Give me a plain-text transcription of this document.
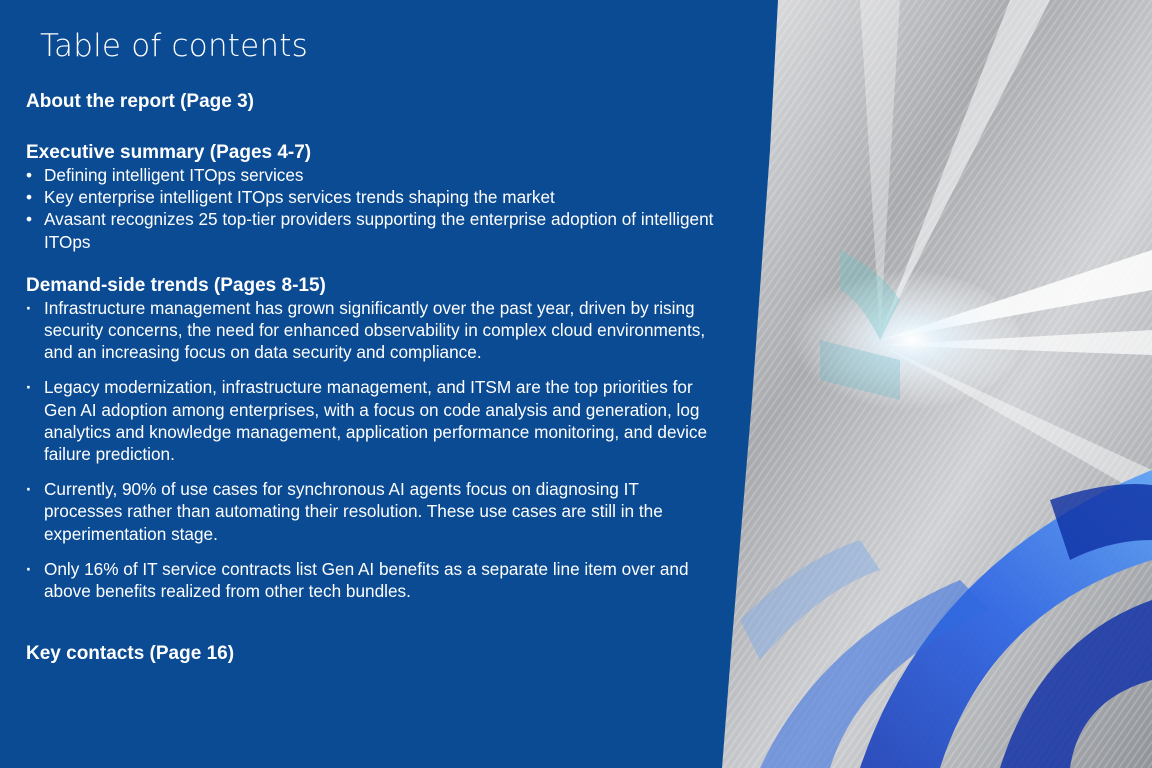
Table of contents
About the report (Page 3)
Executive summary (Pages 4-7)
• Defining intelligent ITOps services
• Key enterprise intelligent ITOps services trends shaping the market
• Avasant recognizes 25 top-tier providers supporting the enterprise adoption of intelligent ITOps
Demand-side trends (Pages 8-15)
· Infrastructure management has grown significantly over the past year, driven by rising security concerns, the need for enhanced observability in complex cloud environments, and an increasing focus on data security and compliance.
· Legacy modernization, infrastructure management, and ITSM are the top priorities for Gen AI adoption among enterprises, with a focus on code analysis and generation, log analytics and knowledge management, application performance monitoring, and device failure prediction.
· Currently, 90% of use cases for synchronous AI agents focus on diagnosing IT processes rather than automating their resolution. These use cases are still in the experimentation stage.
· Only 16% of IT service contracts list Gen AI benefits as a separate line item over and above benefits realized from other tech bundles.
Key contacts (Page 16)
